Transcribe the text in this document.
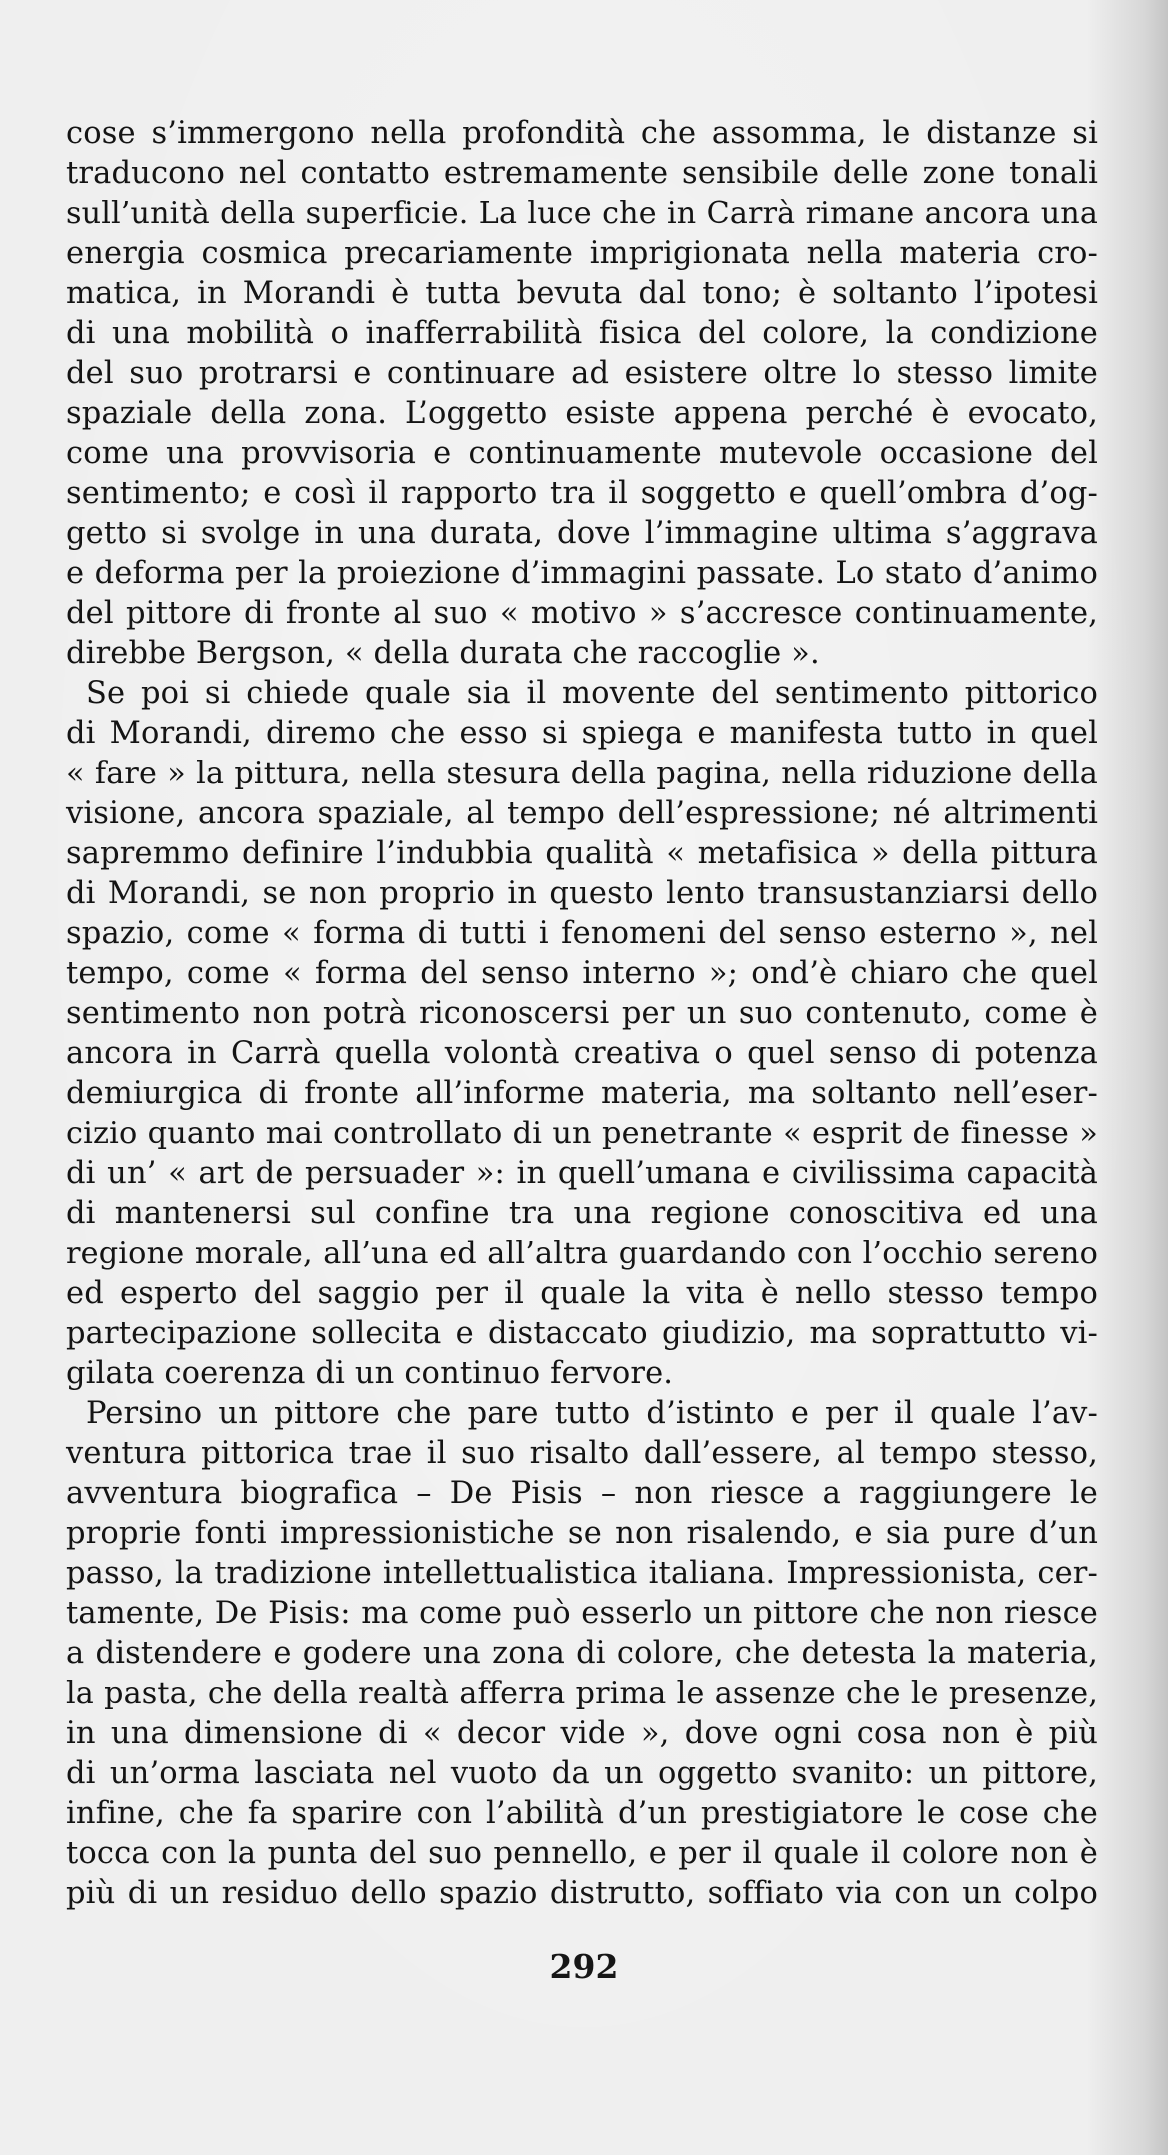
cose s’immergono nella profondità che assomma, le distanze si
traducono nel contatto estremamente sensibile delle zone tonali
sull’unità della superficie. La luce che in Carrà rimane ancora una
energia cosmica precariamente imprigionata nella materia cro-
matica, in Morandi è tutta bevuta dal tono; è soltanto l’ipotesi
di una mobilità o inafferrabilità fisica del colore, la condizione
del suo protrarsi e continuare ad esistere oltre lo stesso limite
spaziale della zona. L’oggetto esiste appena perché è evocato,
come una provvisoria e continuamente mutevole occasione del
sentimento; e così il rapporto tra il soggetto e quell’ombra d’og-
getto si svolge in una durata, dove l’immagine ultima s’aggrava
e deforma per la proiezione d’immagini passate. Lo stato d’animo
del pittore di fronte al suo « motivo » s’accresce continuamente,
direbbe Bergson, « della durata che raccoglie ».
Se poi si chiede quale sia il movente del sentimento pittorico
di Morandi, diremo che esso si spiega e manifesta tutto in quel
« fare » la pittura, nella stesura della pagina, nella riduzione della
visione, ancora spaziale, al tempo dell’espressione; né altrimenti
sapremmo definire l’indubbia qualità « metafisica » della pittura
di Morandi, se non proprio in questo lento transustanziarsi dello
spazio, come « forma di tutti i fenomeni del senso esterno », nel
tempo, come « forma del senso interno »; ond’è chiaro che quel
sentimento non potrà riconoscersi per un suo contenuto, come è
ancora in Carrà quella volontà creativa o quel senso di potenza
demiurgica di fronte all’informe materia, ma soltanto nell’eser-
cizio quanto mai controllato di un penetrante « esprit de finesse »
di un’ « art de persuader »: in quell’umana e civilissima capacità
di mantenersi sul confine tra una regione conoscitiva ed una
regione morale, all’una ed all’altra guardando con l’occhio sereno
ed esperto del saggio per il quale la vita è nello stesso tempo
partecipazione sollecita e distaccato giudizio, ma soprattutto vi-
gilata coerenza di un continuo fervore.
Persino un pittore che pare tutto d’istinto e per il quale l’av-
ventura pittorica trae il suo risalto dall’essere, al tempo stesso,
avventura biografica – De Pisis – non riesce a raggiungere le
proprie fonti impressionistiche se non risalendo, e sia pure d’un
passo, la tradizione intellettualistica italiana. Impressionista, cer-
tamente, De Pisis: ma come può esserlo un pittore che non riesce
a distendere e godere una zona di colore, che detesta la materia,
la pasta, che della realtà afferra prima le assenze che le presenze,
in una dimensione di « decor vide », dove ogni cosa non è più
di un’orma lasciata nel vuoto da un oggetto svanito: un pittore,
infine, che fa sparire con l’abilità d’un prestigiatore le cose che
tocca con la punta del suo pennello, e per il quale il colore non è
più di un residuo dello spazio distrutto, soffiato via con un colpo
292
